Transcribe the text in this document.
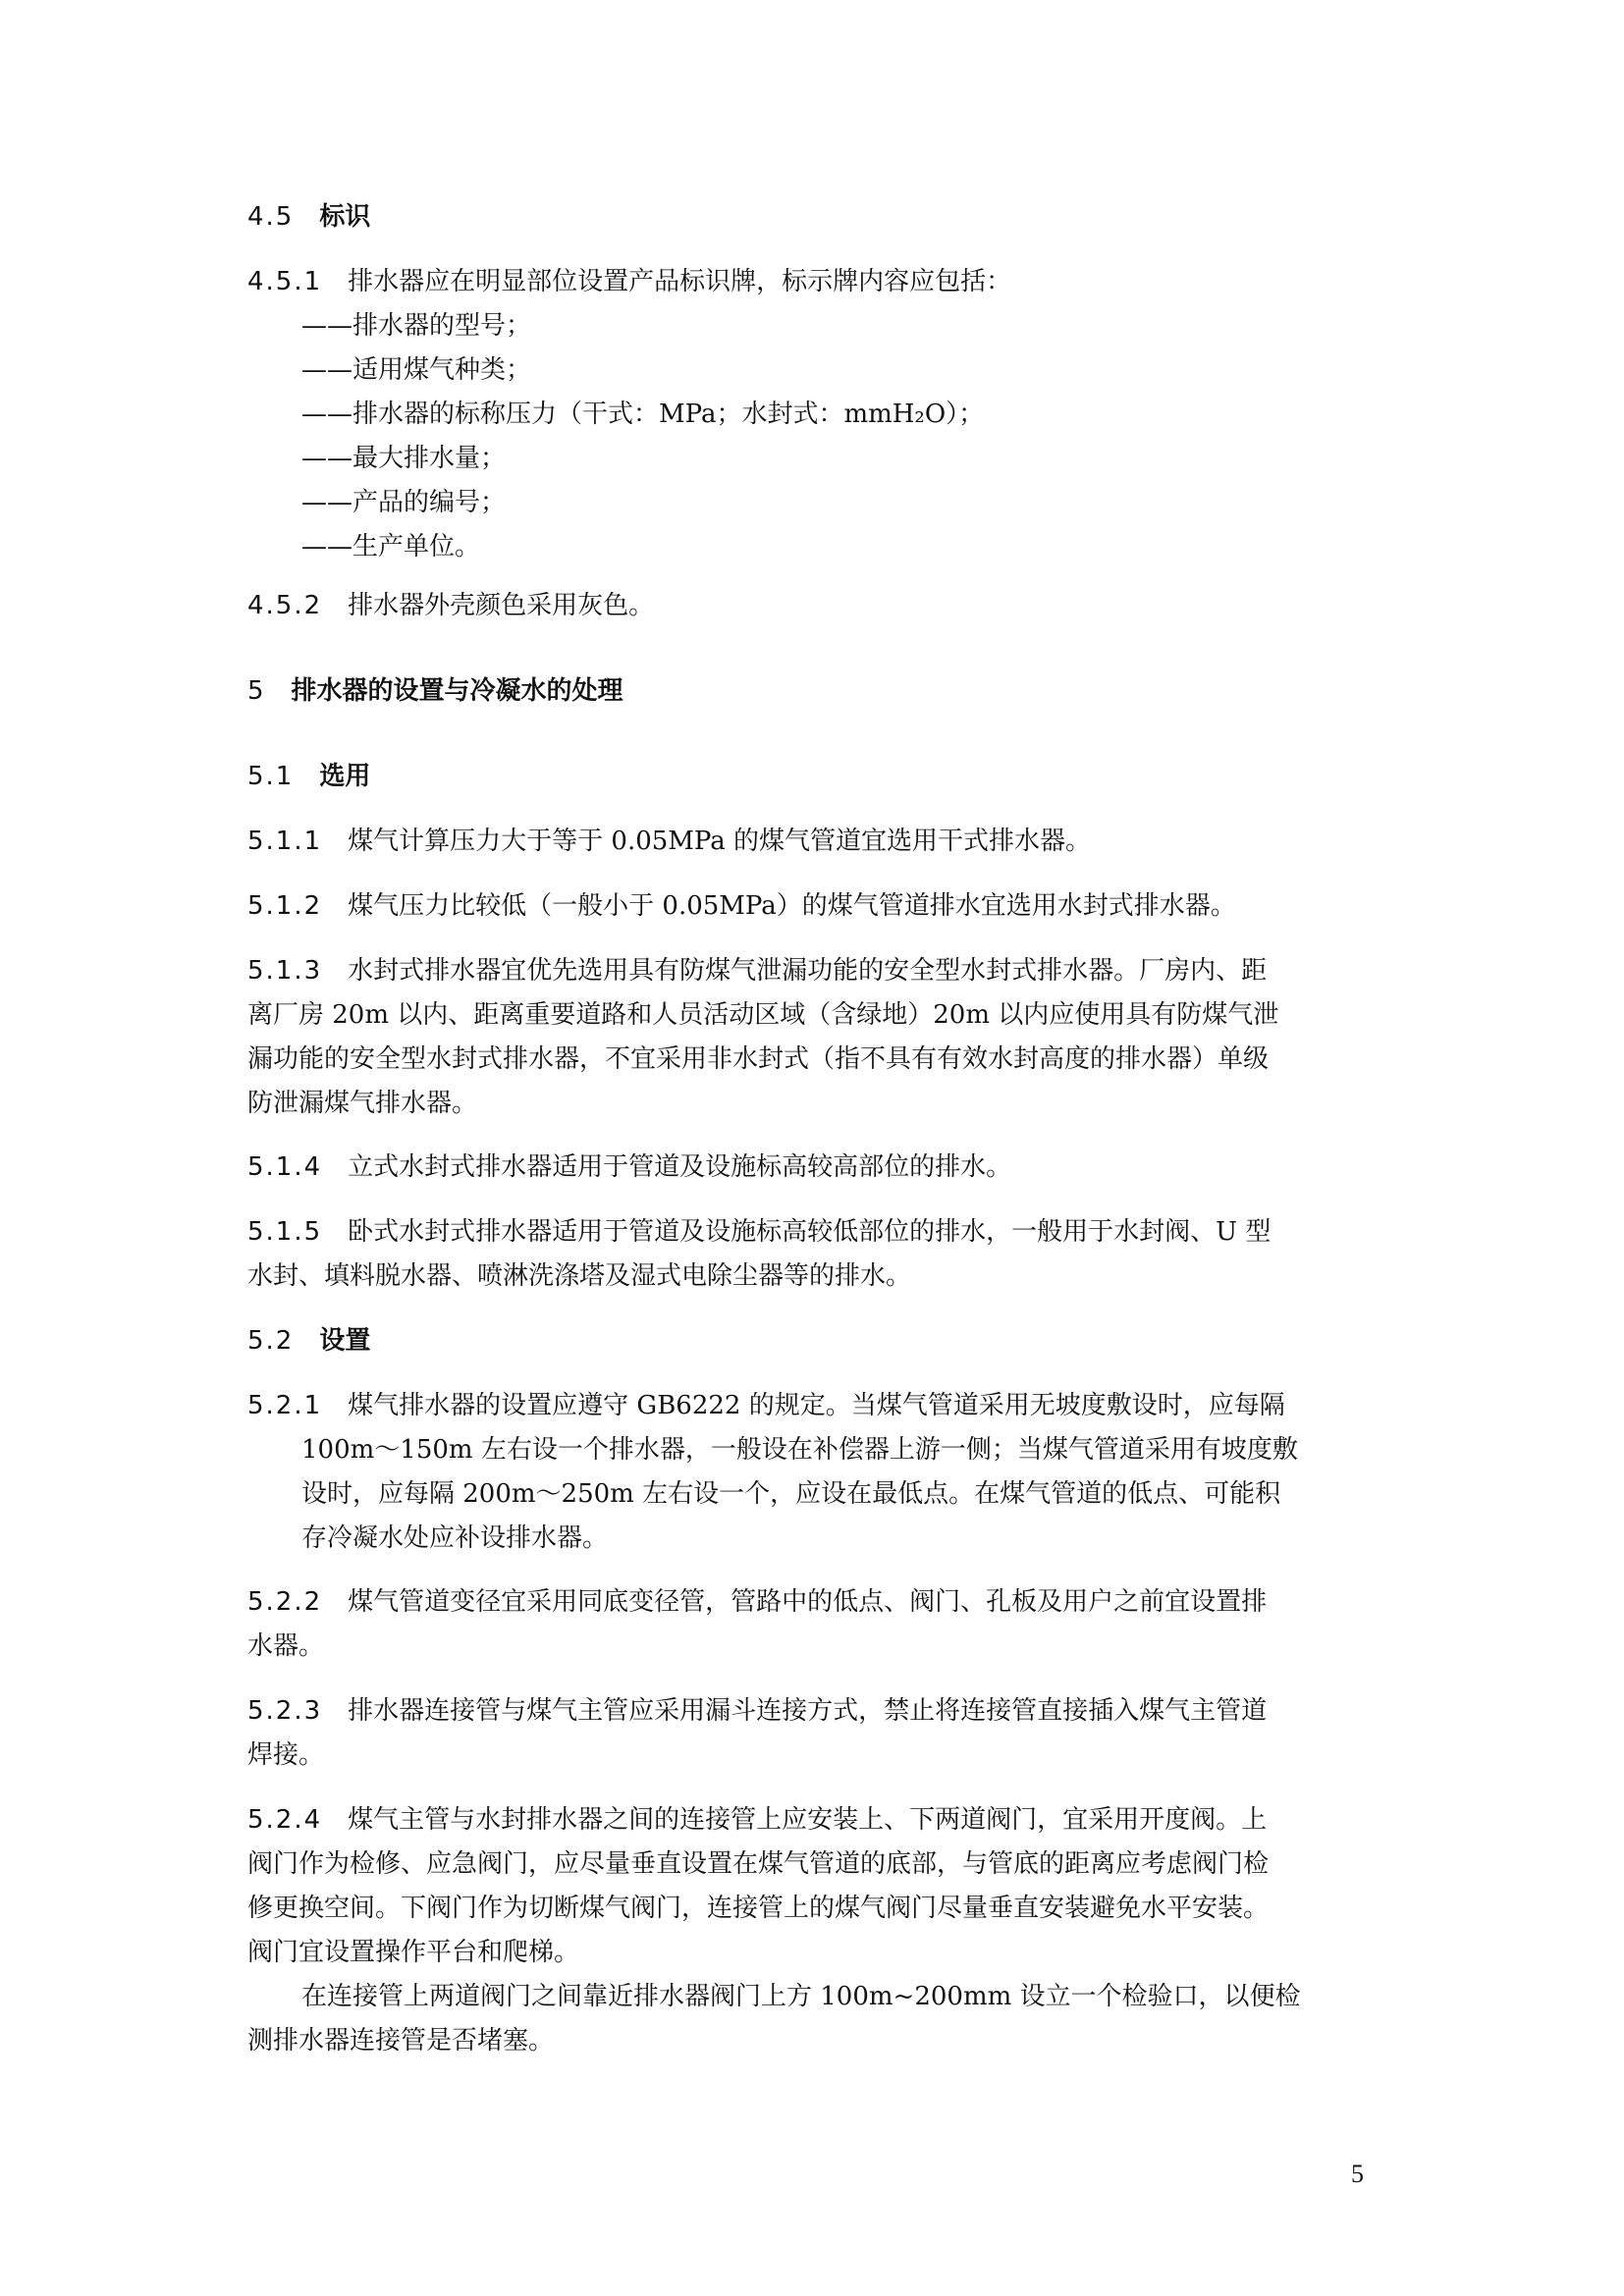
4.5 标识
4.5.1 排水器应在明显部位设置产品标识牌，标示牌内容应包括：
——排水器的型号；
——适用煤气种类；
——排水器的标称压力（干式：MPa；水封式：mmH₂O）；
——最大排水量；
——产品的编号；
——生产单位。
4.5.2 排水器外壳颜色采用灰色。
5 排水器的设置与冷凝水的处理
5.1 选用
5.1.1 煤气计算压力大于等于 0.05MPa 的煤气管道宜选用干式排水器。
5.1.2 煤气压力比较低（一般小于 0.05MPa）的煤气管道排水宜选用水封式排水器。
5.1.3 水封式排水器宜优先选用具有防煤气泄漏功能的安全型水封式排水器。厂房内、距
离厂房 20m 以内、距离重要道路和人员活动区域（含绿地）20m 以内应使用具有防煤气泄
漏功能的安全型水封式排水器，不宜采用非水封式（指不具有有效水封高度的排水器）单级
防泄漏煤气排水器。
5.1.4 立式水封式排水器适用于管道及设施标高较高部位的排水。
5.1.5 卧式水封式排水器适用于管道及设施标高较低部位的排水，一般用于水封阀、U 型
水封、填料脱水器、喷淋洗涤塔及湿式电除尘器等的排水。
5.2 设置
5.2.1 煤气排水器的设置应遵守 GB6222 的规定。当煤气管道采用无坡度敷设时，应每隔
100m～150m 左右设一个排水器，一般设在补偿器上游一侧；当煤气管道采用有坡度敷
设时，应每隔 200m～250m 左右设一个，应设在最低点。在煤气管道的低点、可能积
存冷凝水处应补设排水器。
5.2.2 煤气管道变径宜采用同底变径管，管路中的低点、阀门、孔板及用户之前宜设置排
水器。
5.2.3 排水器连接管与煤气主管应采用漏斗连接方式，禁止将连接管直接插入煤气主管道
焊接。
5.2.4 煤气主管与水封排水器之间的连接管上应安装上、下两道阀门，宜采用开度阀。上
阀门作为检修、应急阀门，应尽量垂直设置在煤气管道的底部，与管底的距离应考虑阀门检
修更换空间。下阀门作为切断煤气阀门，连接管上的煤气阀门尽量垂直安装避免水平安装。
阀门宜设置操作平台和爬梯。
在连接管上两道阀门之间靠近排水器阀门上方 100m~200mm 设立一个检验口，以便检
测排水器连接管是否堵塞。
5
